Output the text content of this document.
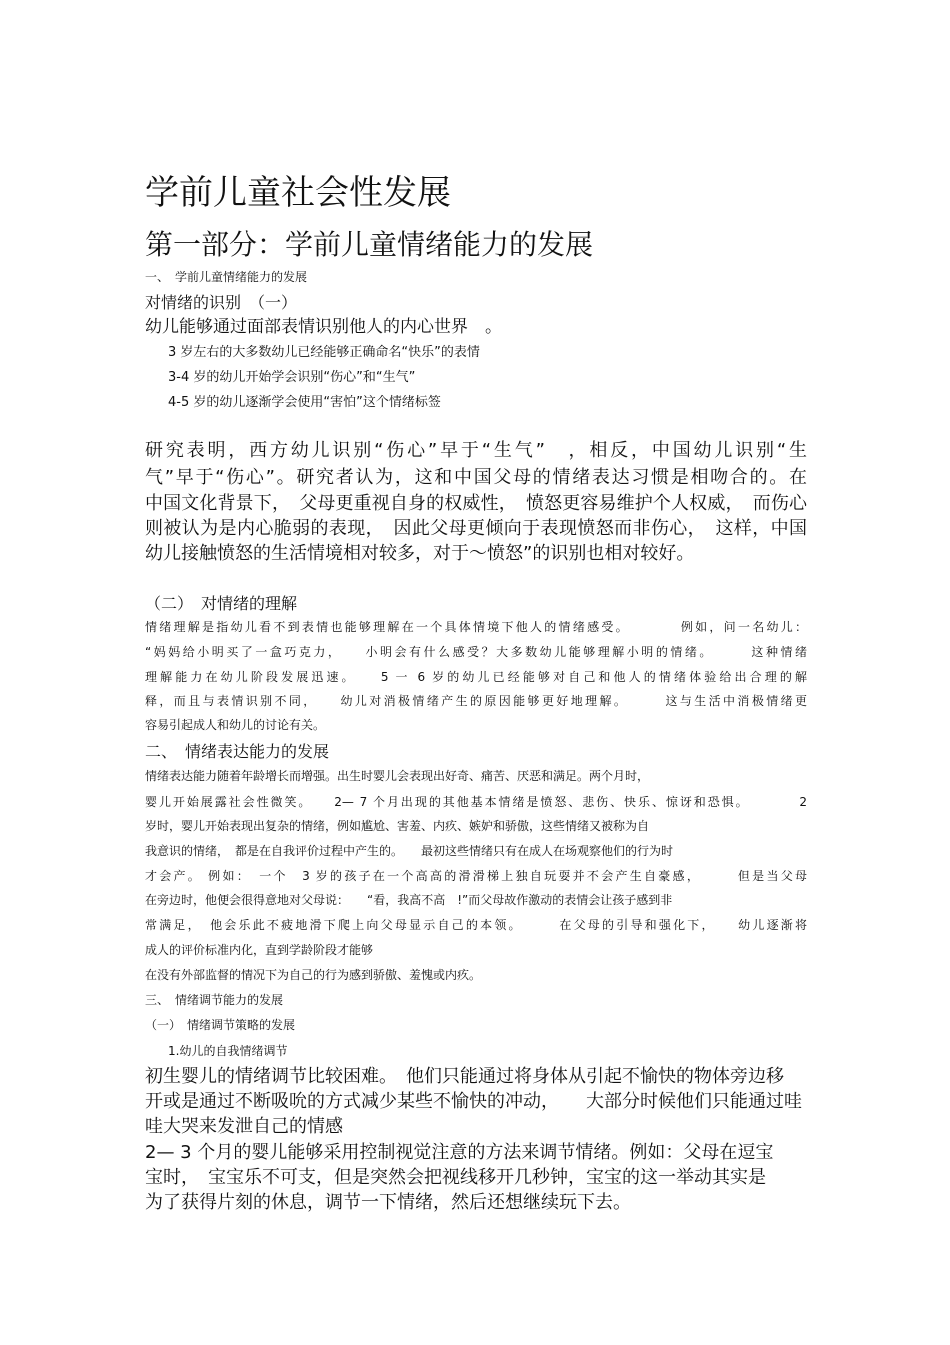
学前儿童社会性发展
第一部分：学前儿童情绪能力的发展
一、　学前儿童情绪能力的发展
对情绪的识别　（一）
幼儿能够通过面部表情识别他人的内心世界　。
3 岁左右的大多数幼儿已经能够正确命名“快乐”的表情
3-4 岁的幼儿开始学会识别“伤心”和“生气”
4-5 岁的幼儿逐渐学会使用“害怕”这个情绪标签
研究表明，西方幼儿识别“伤心”早于“生气”　，相反，中国幼儿识别“生
气”早于“伤心”。研究者认为，这和中国父母的情绪表达习惯是相吻合的。在
中国文化背景下，　父母更重视自身的权威性，　愤怒更容易维护个人权威，　而伤心
则被认为是内心脆弱的表现，　因此父母更倾向于表现愤怒而非伤心，　这样，中国
幼儿接触愤怒的生活情境相对较多，对于～愤怒”的识别也相对较好。
（二）　对情绪的理解
情绪理解是指幼儿看不到表情也能够理解在一个具体情境下他人的情绪感受。　　　　例如，问一名幼儿：
“妈妈给小明买了一盒巧克力，　　小明会有什么感受？大多数幼儿能够理解小明的情绪。　　　这种情绪
理解能力在幼儿阶段发展迅速。　　5 一 6 岁的幼儿已经能够对自己和他人的情绪体验给出合理的解
释，而且与表情识别不同，　　幼儿对消极情绪产生的原因能够更好地理解。　　　这与生活中消极情绪更
容易引起成人和幼儿的讨论有关。
二、　情绪表达能力的发展
情绪表达能力随着年龄增长而增强。出生时婴儿会表现出好奇、痛苦、厌恶和满足。两个月时，
婴儿开始展露社会性微笑。　　2— 7 个月出现的其他基本情绪是愤怒、悲伤、快乐、惊讶和恐惧。　　　　2
岁时，婴儿开始表现出复杂的情绪，例如尴尬、害羞、内疚、嫉妒和骄傲，这些情绪又被称为自
我意识的情绪，　都是在自我评价过程中产生的。　　最初这些情绪只有在成人在场观察他们的行为时
才会产。 例如：　一个　3 岁的孩子在一个高高的滑滑梯上独自玩耍并不会产生自豪感，　　　但是当父母
在旁边时，他便会很得意地对父母说：　　“看，我高不高　!”而父母故作激动的表情会让孩子感到非
常满足，　他会乐此不疲地滑下爬上向父母显示自己的本领。　　　在父母的引导和强化下，　　幼儿逐渐将
成人的评价标准内化，直到学龄阶段才能够
在没有外部监督的情况下为自己的行为感到骄傲、羞愧或内疚。
三、　情绪调节能力的发展
（一）　情绪调节策略的发展
1.幼儿的自我情绪调节
初生婴儿的情绪调节比较困难。　他们只能通过将身体从引起不愉快的物体旁边移
开或是通过不断吸吮的方式减少某些不愉快的冲动，　　大部分时候他们只能通过哇
哇大哭来发泄自己的情感
2— 3 个月的婴儿能够采用控制视觉注意的方法来调节情绪。例如：父母在逗宝
宝时，　宝宝乐不可支，但是突然会把视线移开几秒钟，宝宝的这一举动其实是
为了获得片刻的休息，调节一下情绪，然后还想继续玩下去。
